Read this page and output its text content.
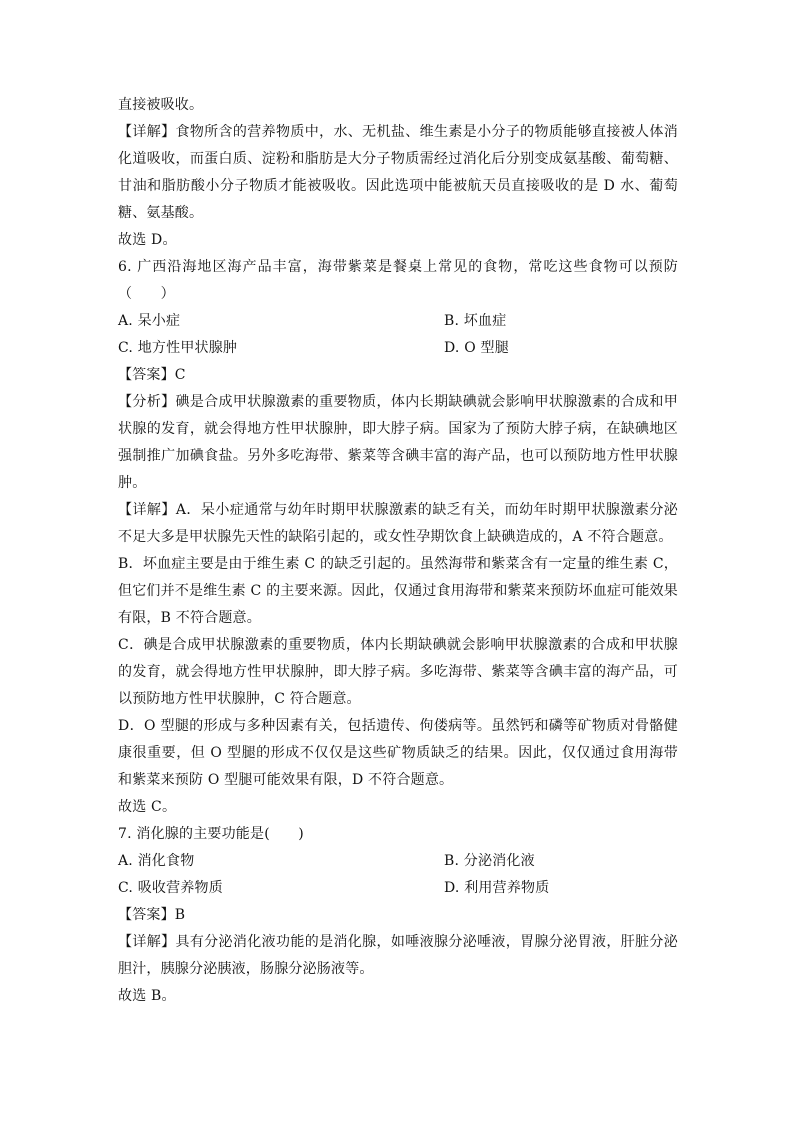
直接被吸收。

【详解】食物所含的营养物质中，水、无机盐、维生素是小分子的物质能够直接被人体消化道吸收，而蛋白质、淀粉和脂肪是大分子物质需经过消化后分别变成氨基酸、葡萄糖、甘油和脂肪酸小分子物质才能被吸收。因此选项中能被航天员直接吸收的是 D 水、葡萄糖、氨基酸。

故选 D。

6. 广西沿海地区海产品丰富，海带紫菜是餐桌上常见的食物，常吃这些食物可以预防（　　）

A. 呆小症	B. 坏血症
C. 地方性甲状腺肿	D. O 型腿

【答案】C

【分析】碘是合成甲状腺激素的重要物质，体内长期缺碘就会影响甲状腺激素的合成和甲状腺的发育，就会得地方性甲状腺肿，即大脖子病。国家为了预防大脖子病，在缺碘地区强制推广加碘食盐。另外多吃海带、紫菜等含碘丰富的海产品，也可以预防地方性甲状腺肿。

【详解】A．呆小症通常与幼年时期甲状腺激素的缺乏有关，而幼年时期甲状腺激素分泌不足大多是甲状腺先天性的缺陷引起的，或女性孕期饮食上缺碘造成的，A 不符合题意。

B．坏血症主要是由于维生素 C 的缺乏引起的。虽然海带和紫菜含有一定量的维生素 C，但它们并不是维生素 C 的主要来源。因此，仅通过食用海带和紫菜来预防坏血症可能效果有限，B 不符合题意。

C．碘是合成甲状腺激素的重要物质，体内长期缺碘就会影响甲状腺激素的合成和甲状腺的发育，就会得地方性甲状腺肿，即大脖子病。多吃海带、紫菜等含碘丰富的海产品，可以预防地方性甲状腺肿，C 符合题意。

D．O 型腿的形成与多种因素有关，包括遗传、佝偻病等。虽然钙和磷等矿物质对骨骼健康很重要，但 O 型腿的形成不仅仅是这些矿物质缺乏的结果。因此，仅仅通过食用海带和紫菜来预防 O 型腿可能效果有限，D 不符合题意。

故选 C。

7. 消化腺的主要功能是(　　)

A. 消化食物	B. 分泌消化液
C. 吸收营养物质	D. 利用营养物质

【答案】B

【详解】具有分泌消化液功能的是消化腺，如唾液腺分泌唾液，胃腺分泌胃液，肝脏分泌胆汁，胰腺分泌胰液，肠腺分泌肠液等。

故选 B。
